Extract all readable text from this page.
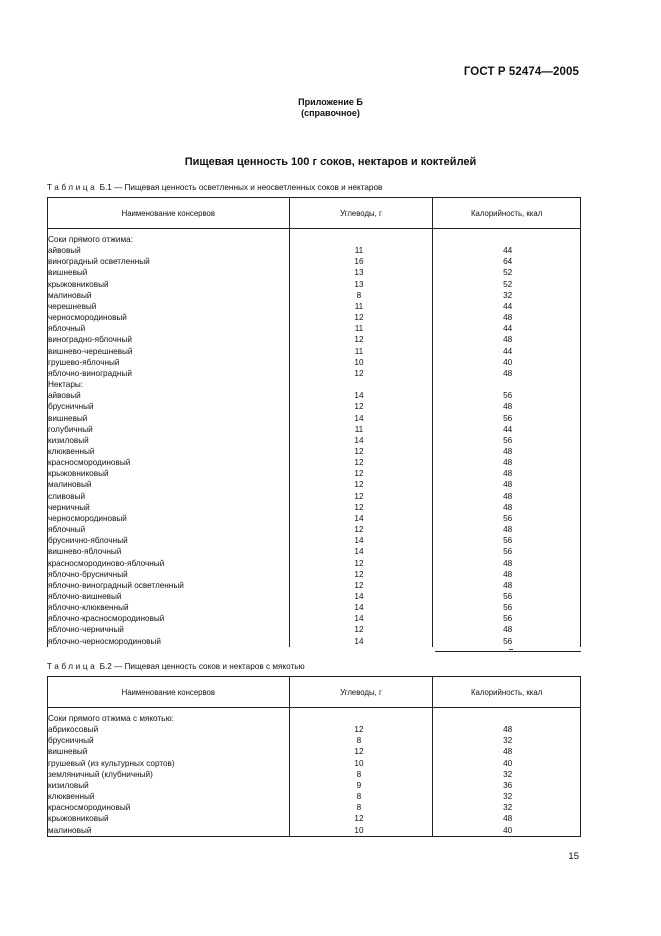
ГОСТ Р 52474—2005
Приложение Б
(справочное)
Пищевая ценность 100 г соков, нектаров и коктейлей
Таблица Б.1 — Пищевая ценность осветленных и неосветленных соков и нектаров
Наименование консервов	Углеводы, г	Калорийность, ккал

Соки прямого отжима:		
айвовый	11	44
виноградный осветленный	16	64
вишневый	13	52
крыжовниковый	13	52
малиновый	8	32
черешневый	11	44
черносмородиновый	12	48
яблочный	11	44
виноградно-яблочный	12	48
вишнево-черешневый	11	44
грушево-яблочный	10	40
яблочно-виноградный	12	48
Нектары:		
айвовый	14	56
брусничный	12	48
вишневый	14	56
голубичный	11	44
кизиловый	14	56
клюквенный	12	48
красносмородиновый	12	48
крыжовниковый	12	48
малиновый	12	48
сливовый	12	48
черничный	12	48
черносмородиновый	14	56
яблочный	12	48
бруснично-яблочный	14	56
вишнево-яблочный	14	56
красносмородиново-яблочный	12	48
яблочно-брусничный	12	48
яблочно-виноградный осветленный	12	48
яблочно-вишневый	14	56
яблочно-клюквенный	14	56
яблочно-красносмородиновый	14	56
яблочно-черничный	12	48
яблочно-черносмородиновый	14	56
Таблица Б.2 — Пищевая ценность соков и нектаров с мякотью
Наименование консервов	Углеводы, г	Калорийность, ккал

Соки прямого отжима с мякотью:		
абрикосовый	12	48
брусничный	8	32
вишневый	12	48
грушевый (из культурных сортов)	10	40
земляничный (клубничный)	8	32
кизиловый	9	36
клюквенный	8	32
красносмородиновый	8	32
крыжовниковый	12	48
малиновый	10	40
15
